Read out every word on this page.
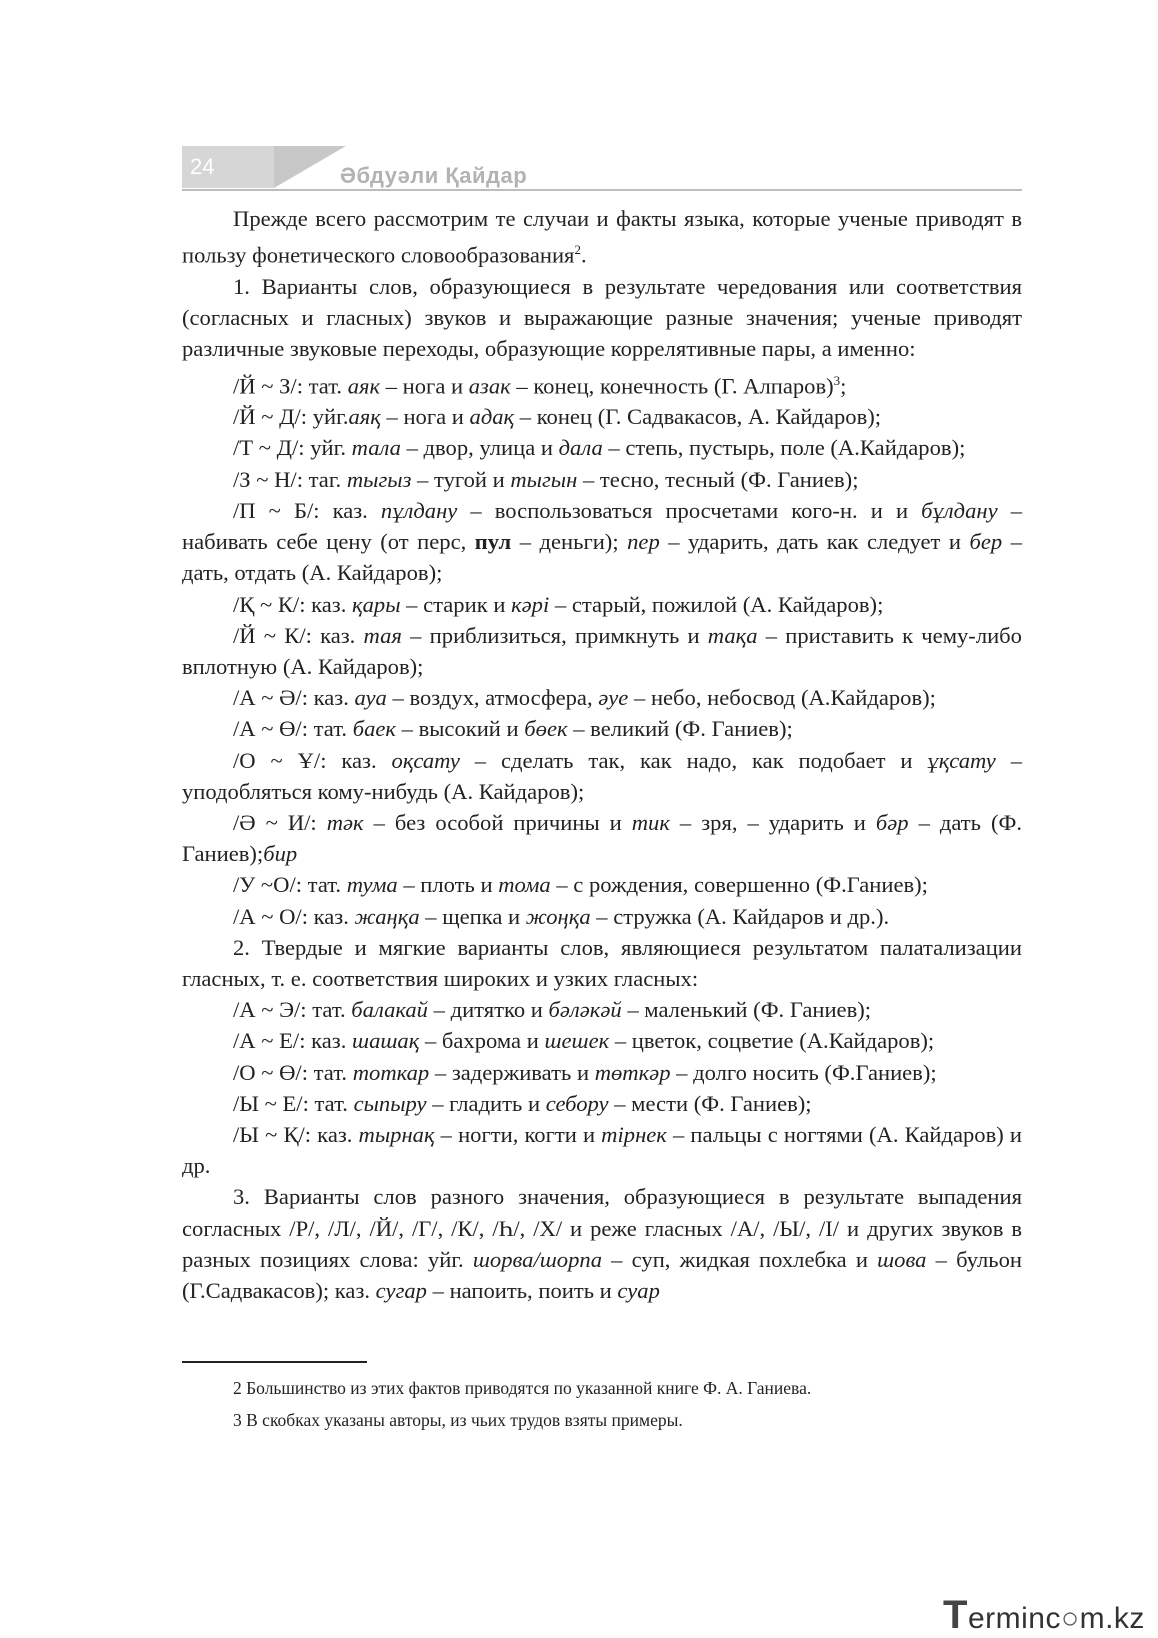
24	Әбдуәли Қайдар

Прежде всего рассмотрим те случаи и факты языка, которые ученые приводят в пользу фонетического словообразования$^2$.

1. Варианты слов, образующиеся в результате чередования или соответствия (согласных и гласных) звуков и выражающие разные значения; ученые приводят различные звуковые переходы, образующие коррелятивные пары, а именно:

/Й ~ З/: тат. аяк – нога и азак – конец, конечность (Г. Алпаров)$^3$;

/Й ~ Д/: уйг.аяқ – нога и адақ – конец (Г. Садвакасов, А. Кайдаров);

/Т ~ Д/: уйг. тала – двор, улица и дала – степь, пустырь, поле (А.Кайдаров);

/З ~ Н/: таг. тыгыз – тугой и тыгын – тесно, тесный (Ф. Ганиев);

/П ~ Б/: каз. пұлдану – воспользоваться просчетами кого-н. и и бұлдану – набивать себе цену (от перс, пул – деньги); пер – ударить, дать как следует и бер – дать, отдать (А. Кайдаров);

/Қ ~ К/: каз. қары – старик и кәрі – старый, пожилой (А. Кайдаров);

/Й ~ К/: каз. тая – приблизиться, примкнуть и тақа – приставить к чему-либо вплотную (А. Кайдаров);

/А ~ Ә/: каз. ауа – воздух, атмосфера, әуе – небо, небосвод (А.Кайдаров);

/А ~ Ө/: тат. баек – высокий и бөек – великий (Ф. Ганиев);

/О ~ Ұ/: каз. оқсату – сделать так, как надо, как подобает и ұқсату – уподобляться кому-нибудь (А. Кайдаров);

/Ә ~ И/: тәк – без особой причины и тик – зря, – ударить и бәр – дать (Ф. Ганиев);бир

/У ~О/: тат. тума – плоть и тома – с рождения, совершенно (Ф.Ганиев);

/А ~ О/: каз. жаңқа – щепка и жоңқа – стружка (А. Кайдаров и др.).

2. Твердые и мягкие варианты слов, являющиеся результатом палатализации гласных, т. е. соответствия широких и узких гласных:

/А ~ Э/: тат. балакай – дитятко и бәләкәй – маленький (Ф. Ганиев);

/А ~ Е/: каз. шашақ – бахрома и шешек – цветок, соцветие (А.Кайдаров);

/О ~ Ө/: тат. тоткар – задерживать и төткәр – долго носить (Ф.Ганиев);

/Ы ~ Е/: тат. сыпыру – гладить и себору – мести (Ф. Ганиев);

/Ы ~ Қ/: каз. тырнақ – ногти, когти и тірнек – пальцы с ногтями (А. Кайдаров) и др.

3. Варианты слов разного значения, образующиеся в результате выпадения согласных /Р/, /Л/, /Й/, /Г/, /К/, /Һ/, /Х/ и реже гласных /А/, /Ы/, /І/ и других звуков в разных позициях слова: уйг. шорва/шорпа – суп, жидкая похлебка и шова – бульон (Г.Садвакасов); каз. сугар – напоить, поить и суар

2 Большинство из этих фактов приводятся по указанной книге Ф. А. Ганиева.

3 В скобках указаны авторы, из чьих трудов взяты примеры.

Terminc○m.kz
